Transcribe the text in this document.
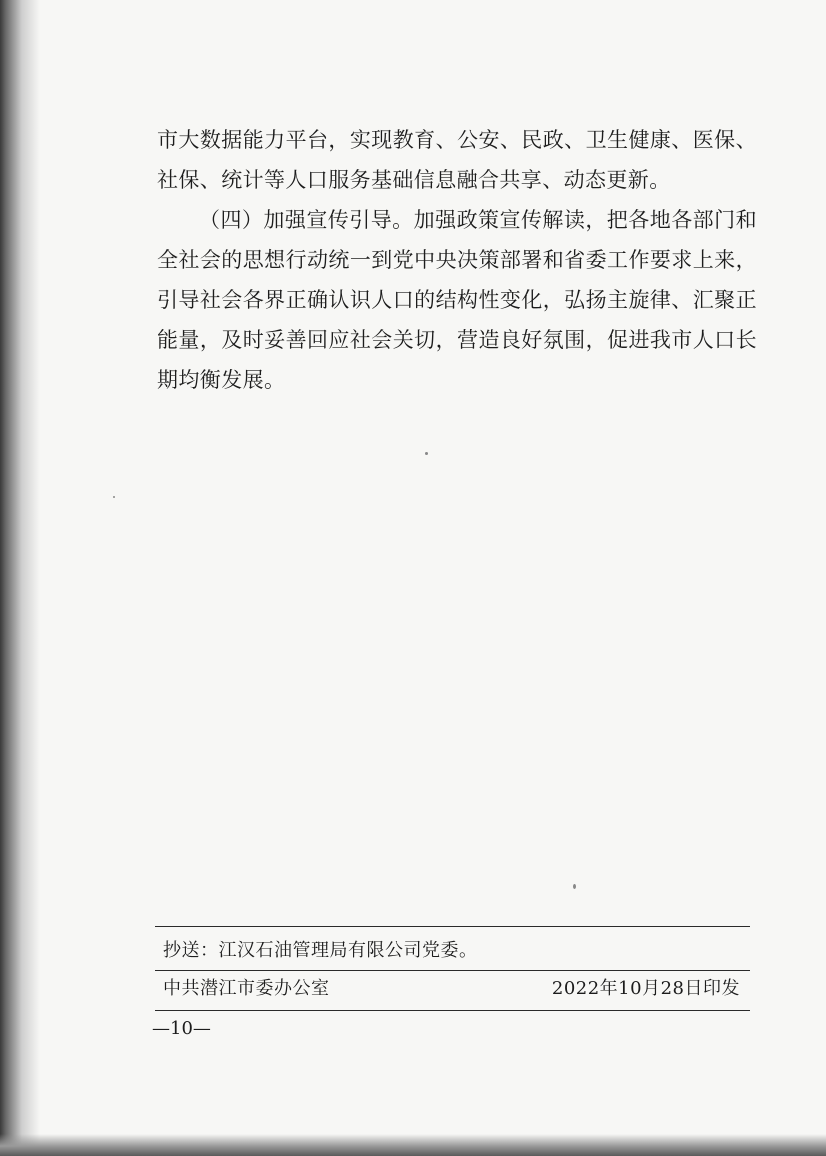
市大数据能力平台，实现教育、公安、民政、卫生健康、医保、社保、统计等人口服务基础信息融合共享、动态更新。

（四）加强宣传引导。加强政策宣传解读，把各地各部门和全社会的思想行动统一到党中央决策部署和省委工作要求上来，引导社会各界正确认识人口的结构性变化，弘扬主旋律、汇聚正能量，及时妥善回应社会关切，营造良好氛围，促进我市人口长期均衡发展。

抄送：江汉石油管理局有限公司党委。
中共潜江市委办公室	2022年10月28日印发
—10—
